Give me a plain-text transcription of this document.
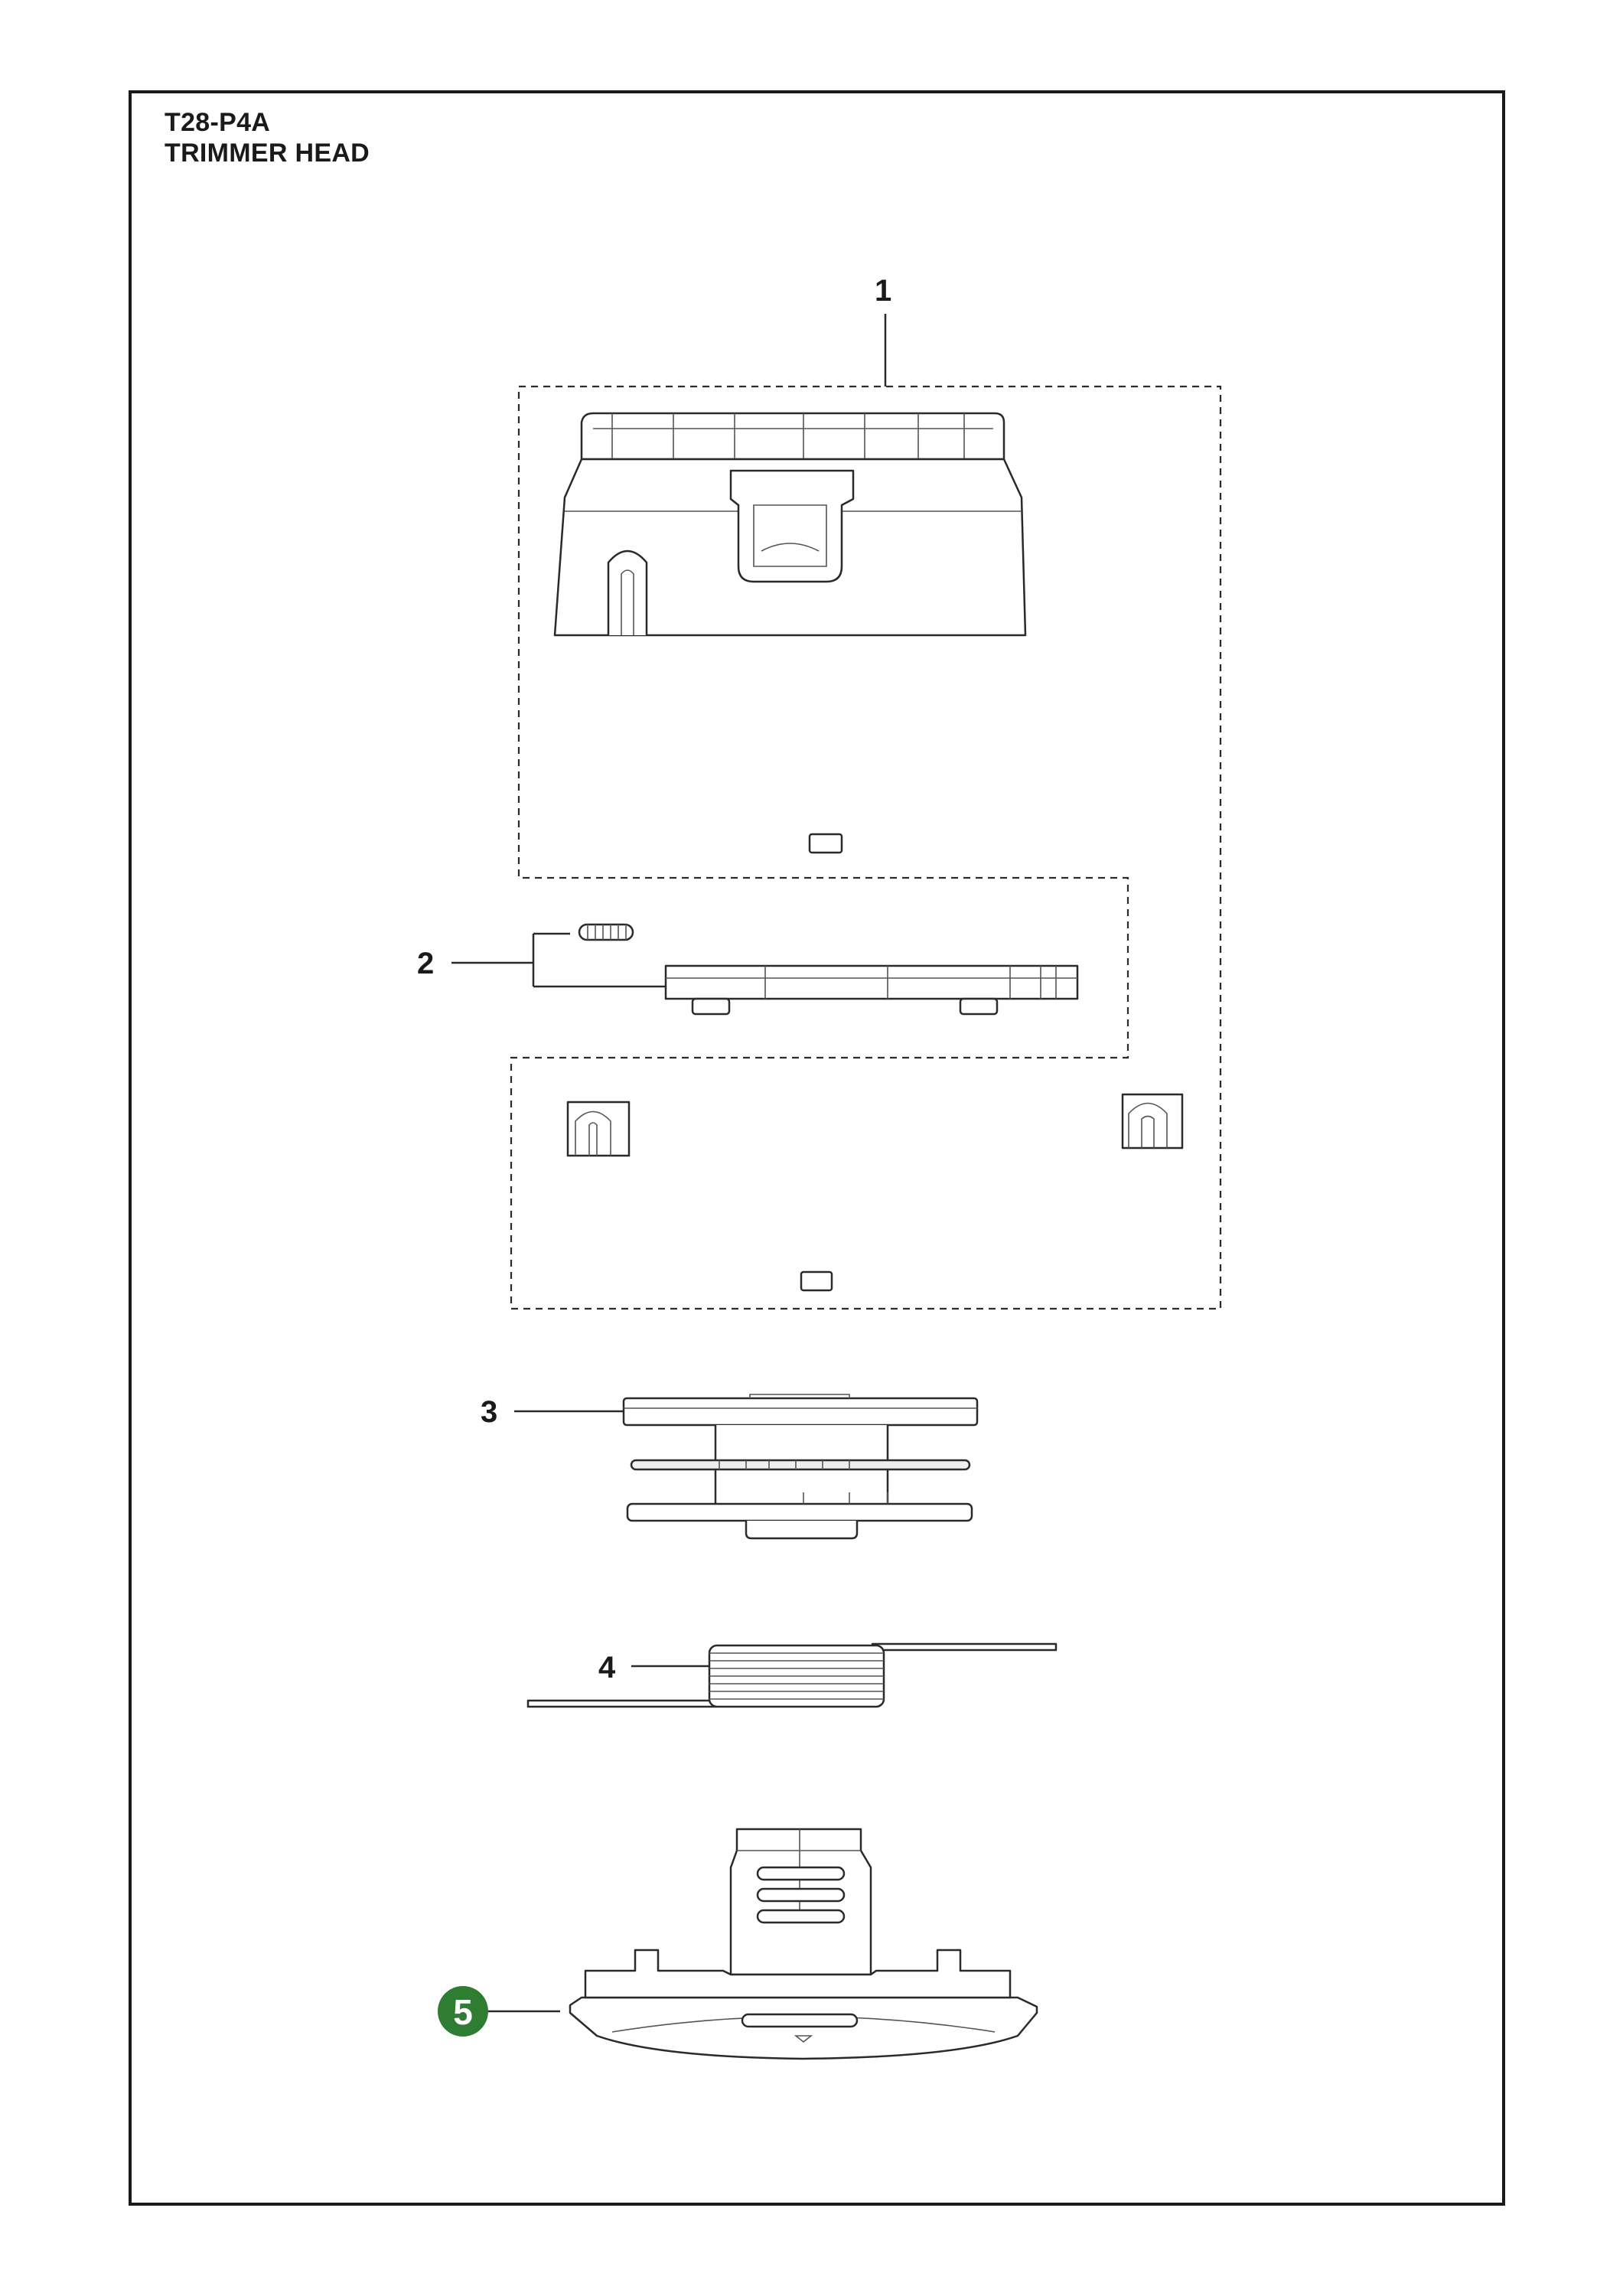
T28-P4A
TRIMMER HEAD
1
2
3
4
5
